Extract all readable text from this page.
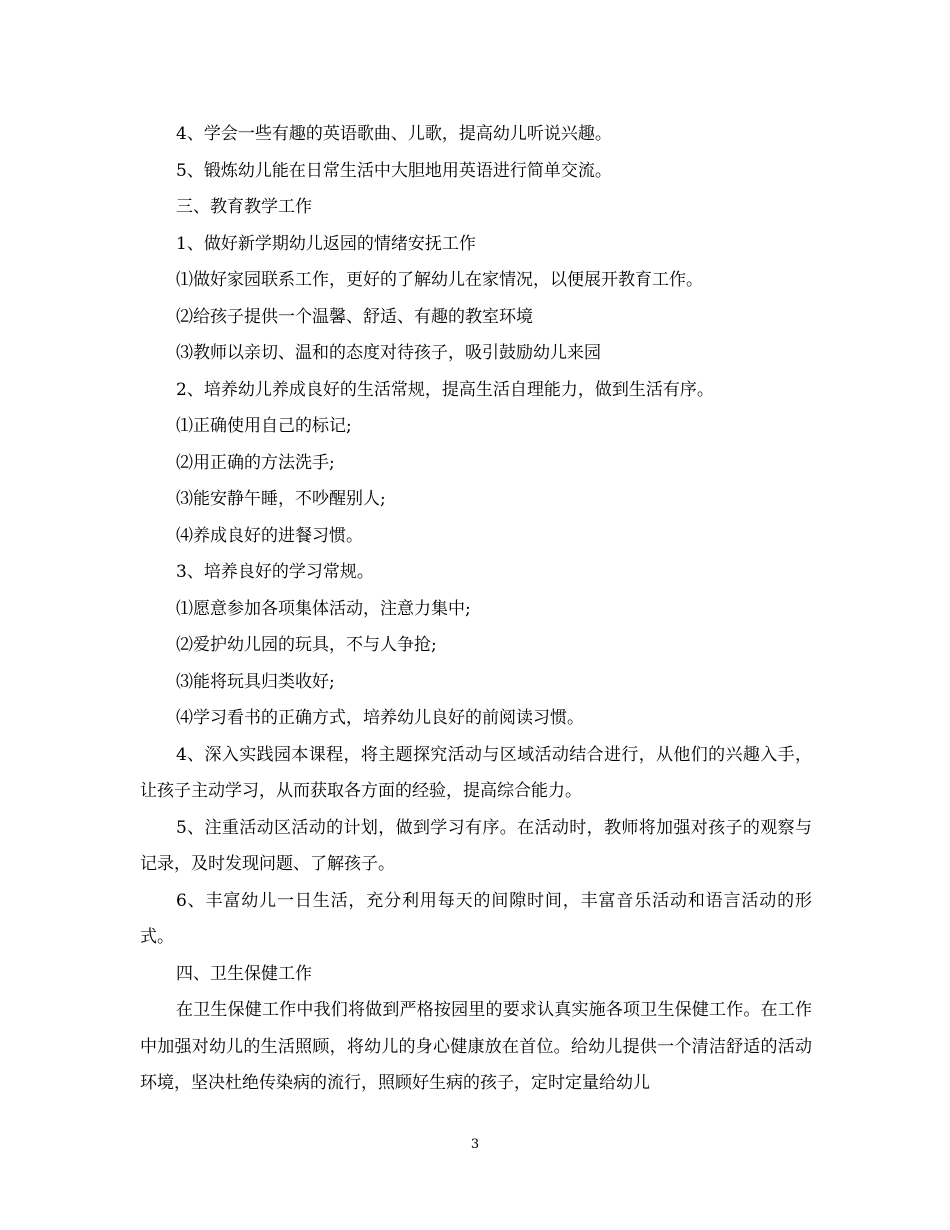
4、学会一些有趣的英语歌曲、儿歌，提高幼儿听说兴趣。

5、锻炼幼儿能在日常生活中大胆地用英语进行简单交流。

三、教育教学工作

1、做好新学期幼儿返园的情绪安抚工作

⑴做好家园联系工作，更好的了解幼儿在家情况，以便展开教育工作。

⑵给孩子提供一个温馨、舒适、有趣的教室环境

⑶教师以亲切、温和的态度对待孩子，吸引鼓励幼儿来园

2、培养幼儿养成良好的生活常规，提高生活自理能力，做到生活有序。

⑴正确使用自己的标记;

⑵用正确的方法洗手;

⑶能安静午睡，不吵醒别人;

⑷养成良好的进餐习惯。

3、培养良好的学习常规。

⑴愿意参加各项集体活动，注意力集中;

⑵爱护幼儿园的玩具，不与人争抢;

⑶能将玩具归类收好;

⑷学习看书的正确方式，培养幼儿良好的前阅读习惯。

4、深入实践园本课程，将主题探究活动与区域活动结合进行，从他们的兴趣入手，让孩子主动学习，从而获取各方面的经验，提高综合能力。

5、注重活动区活动的计划，做到学习有序。在活动时，教师将加强对孩子的观察与记录，及时发现问题、了解孩子。

6、丰富幼儿一日生活，充分利用每天的间隙时间，丰富音乐活动和语言活动的形式。

四、卫生保健工作

在卫生保健工作中我们将做到严格按园里的要求认真实施各项卫生保健工作。在工作中加强对幼儿的生活照顾，将幼儿的身心健康放在首位。给幼儿提供一个清洁舒适的活动环境，坚决杜绝传染病的流行，照顾好生病的孩子，定时定量给幼儿

3
